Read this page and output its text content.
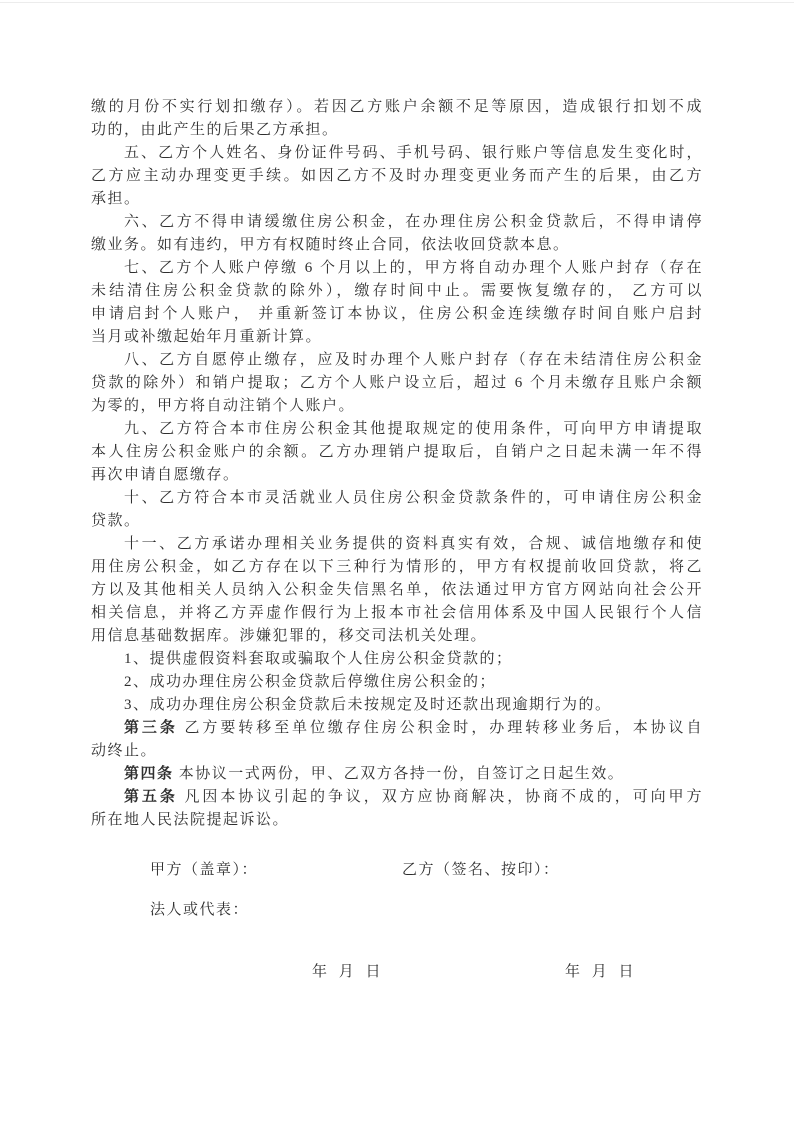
缴的月份不实行划扣缴存）。若因乙方账户余额不足等原因，造成银行扣划不成
功的，由此产生的后果乙方承担。
五、乙方个人姓名、身份证件号码、手机号码、银行账户等信息发生变化时，
乙方应主动办理变更手续。如因乙方不及时办理变更业务而产生的后果，由乙方
承担。
六、乙方不得申请缓缴住房公积金，在办理住房公积金贷款后，不得申请停
缴业务。如有违约，甲方有权随时终止合同，依法收回贷款本息。
七、乙方个人账户停缴 6 个月以上的，甲方将自动办理个人账户封存（存在
未结清住房公积金贷款的除外），缴存时间中止。需要恢复缴存的， 乙方可以
申请启封个人账户， 并重新签订本协议，住房公积金连续缴存时间自账户启封
当月或补缴起始年月重新计算。
八、乙方自愿停止缴存，应及时办理个人账户封存（存在未结清住房公积金
贷款的除外）和销户提取；乙方个人账户设立后，超过 6 个月未缴存且账户余额
为零的，甲方将自动注销个人账户。
九、乙方符合本市住房公积金其他提取规定的使用条件，可向甲方申请提取
本人住房公积金账户的余额。乙方办理销户提取后，自销户之日起未满一年不得
再次申请自愿缴存。
十、乙方符合本市灵活就业人员住房公积金贷款条件的，可申请住房公积金
贷款。
十一、乙方承诺办理相关业务提供的资料真实有效，合规、诚信地缴存和使
用住房公积金，如乙方存在以下三种行为情形的，甲方有权提前收回贷款，将乙
方以及其他相关人员纳入公积金失信黑名单，依法通过甲方官方网站向社会公开
相关信息，并将乙方弄虚作假行为上报本市社会信用体系及中国人民银行个人信
用信息基础数据库。涉嫌犯罪的，移交司法机关处理。
1、提供虚假资料套取或骗取个人住房公积金贷款的；
2、成功办理住房公积金贷款后停缴住房公积金的；
3、成功办理住房公积金贷款后未按规定及时还款出现逾期行为的。
第三条 乙方要转移至单位缴存住房公积金时，办理转移业务后，本协议自
动终止。
第四条 本协议一式两份，甲、乙双方各持一份，自签订之日起生效。
第五条 凡因本协议引起的争议，双方应协商解决，协商不成的，可向甲方
所在地人民法院提起诉讼。
甲方（盖章）：	乙方（签名、按印）：
法人或代表：
年 月 日	年 月 日
